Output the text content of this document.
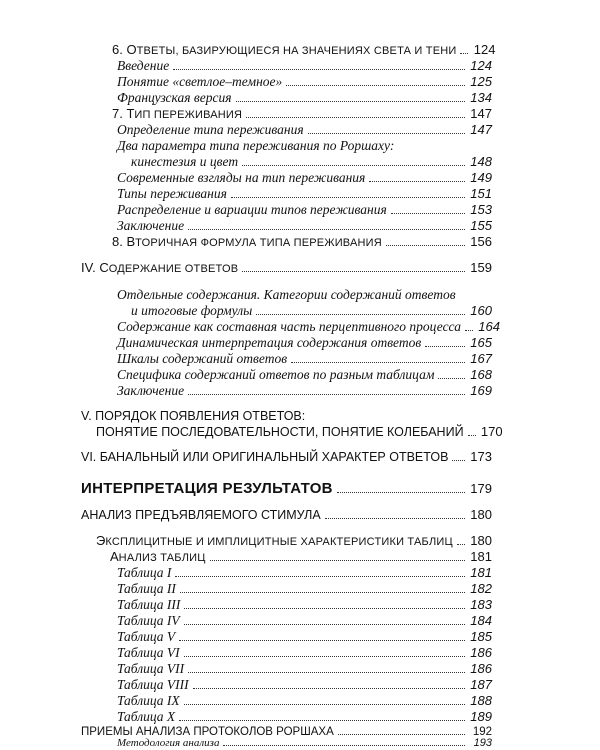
6. ОТВЕТЫ, БАЗИРУЮЩИЕСЯ НА ЗНАЧЕНИЯХ СВЕТА И ТЕНИ 124
Введение	124
Понятие «светлое–темное»	125
Французская версия	134
7. ТИП ПЕРЕЖИВАНИЯ	147
Определение типа переживания	147
Два параметра типа переживания по Роршаху:
кинестезия и цвет	148
Современные взгляды на тип переживания	149
Типы переживания	151
Распределение и вариации типов переживания	153
Заключение	155
8. ВТОРИЧНАЯ ФОРМУЛА ТИПА ПЕРЕЖИВАНИЯ	156
IV. СОДЕРЖАНИЕ ОТВЕТОВ	159
Отдельные содержания. Категории содержаний ответов
и итоговые формулы	160
Содержание как составная часть перцептивного процесса 164
Динамическая интерпретация содержания ответов	165
Шкалы содержаний ответов	167
Специфика содержаний ответов по разным таблицам	168
Заключение	169
V. ПОРЯДОК ПОЯВЛЕНИЯ ОТВЕТОВ:
ПОНЯТИЕ ПОСЛЕДОВАТЕЛЬНОСТИ, ПОНЯТИЕ КОЛЕБАНИЙ 170
VI. БАНАЛЬНЫЙ ИЛИ ОРИГИНАЛЬНЫЙ ХАРАКТЕР ОТВЕТОВ 173
ИНТЕРПРЕТАЦИЯ РЕЗУЛЬТАТОВ	179
АНАЛИЗ ПРЕДЪЯВЛЯЕМОГО СТИМУЛА	180
ЭКСПЛИЦИТНЫЕ И ИМПЛИЦИТНЫЕ ХАРАКТЕРИСТИКИ ТАБЛИЦ 180
АНАЛИЗ ТАБЛИЦ	181
Таблица I	181
Таблица II	182
Таблица III	183
Таблица IV	184
Таблица V	185
Таблица VI	186
Таблица VII	186
Таблица VIII	187
Таблица IX	188
Таблица X	189
ПРИЕМЫ АНАЛИЗА ПРОТОКОЛОВ РОРШАХА	192
Методология анализа	193
